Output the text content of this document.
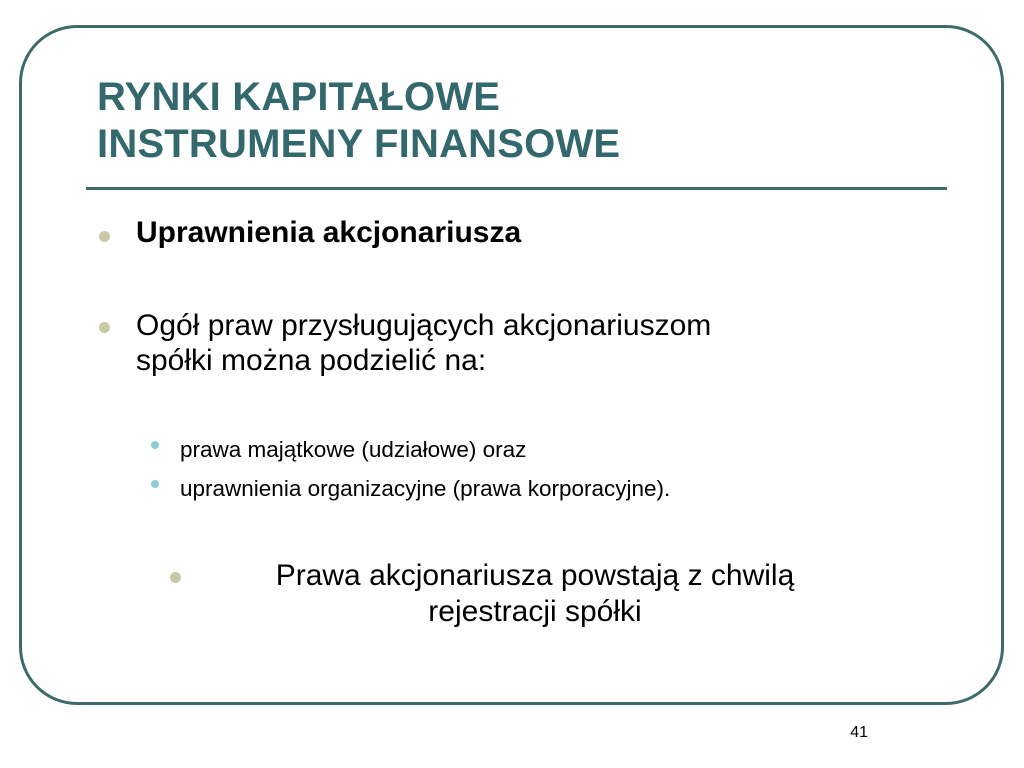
RYNKI KAPITAŁOWE
INSTRUMENY FINANSOWE

Uprawnienia akcjonariusza

Ogół praw przysługujących akcjonariuszom
spółki można podzielić na:

prawa majątkowe (udziałowe) oraz

uprawnienia organizacyjne (prawa korporacyjne).

Prawa akcjonariusza powstają z chwilą
rejestracji spółki

41
